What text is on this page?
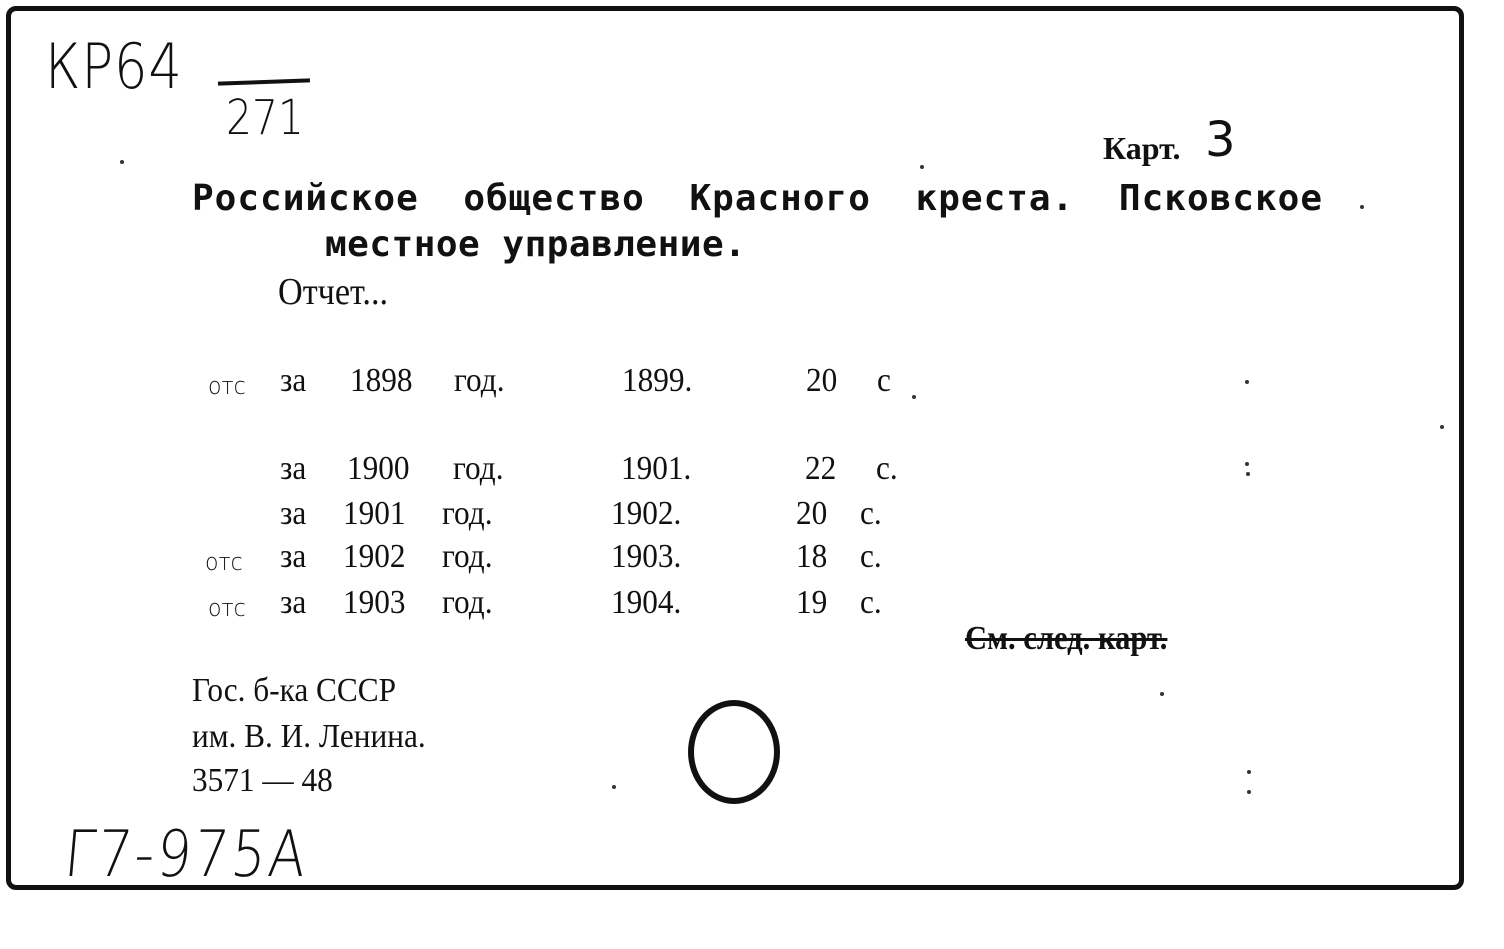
КР64
271
Карт. 3
Российское общество Красного креста. Псковское
местное управление.
Отчет...
отс за 1898 год.	1899.	20 с
за 1900 год.	1901.	22 с.
за 1901 год.	1902.	20 с.
отс за 1902 год.	1903.	18 с.
отс за 1903 год.	1904.	19 с.
См. след. карт.
Гос. б-ка СССР
им. В. И. Ленина.
3571 — 48
Г7-975А
